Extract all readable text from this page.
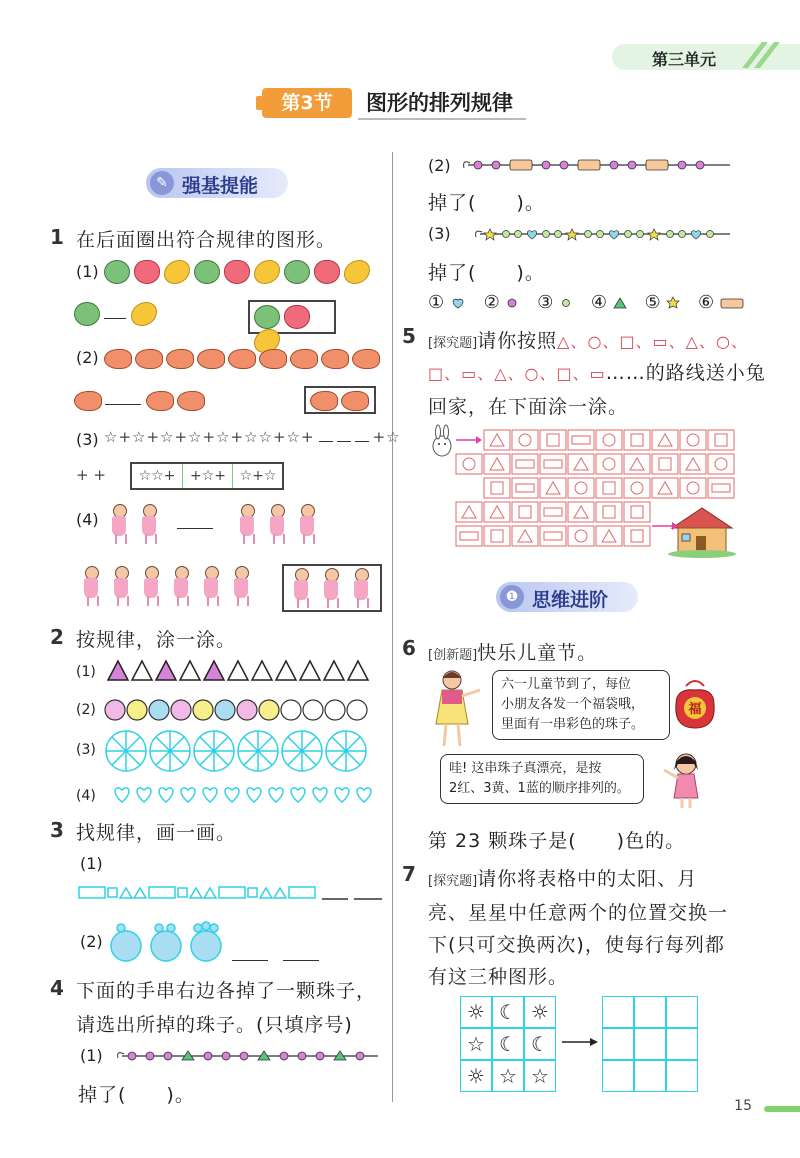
第三单元
第3节	图形的排列规律
✎ 强基提能
1 在后面圈出符合规律的图形。
(1)

(2)

(3) ☆+☆+☆+☆+☆+☆☆+☆+	+☆
+ +	☆☆+	+☆+ ☆+☆
(4)

2 按规律，涂一涂。
(1)
(2)
(3)
(4)
3 找规律，画一画。
(1)
(2)

4 下面的手串右边各掉了一颗珠子，
请选出所掉的珠子。(只填序号)
(1)
掉了( )。
(2)
掉了( )。
(3)
掉了( )。
① ② ③ ④ ⑤ ⑥
5 [探究题]请你按照△、○、□、▭、△、○、
□、▭、△、○、□、▭……的路线送小兔
回家，在下面涂一涂。
❶ 思维进阶
6 [创新题]快乐儿童节。
六一儿童节到了，每位
小朋友各发一个福袋哦，
里面有一串彩色的珠子。
福
哇! 这串珠子真漂亮，是按
2红、3黄、1蓝的顺序排列的。
第 23 颗珠子是(　　)色的。
7 [探究题]请你将表格中的太阳、月
亮、星星中任意两个的位置交换一
下(只可交换两次)，使每行每列都
有这三种图形。
☼ ☾ ☼
☆ ☾ ☾
☼ ☆ ☆
15
